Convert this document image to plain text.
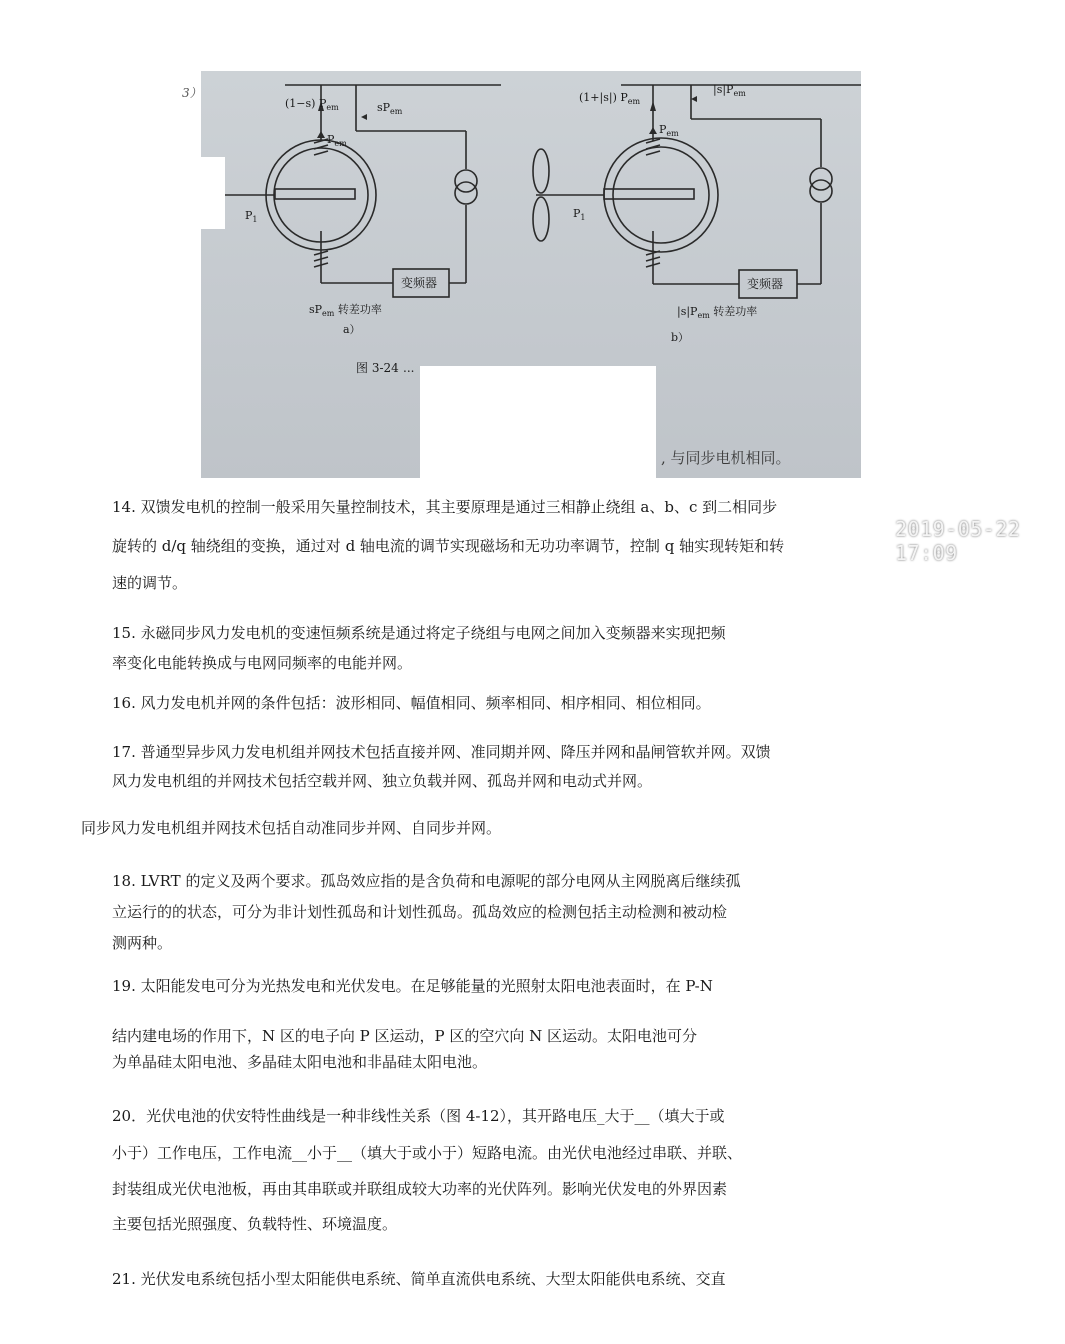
(1−s) $P_{em}$	$sP_{em}$
$P_{em}$
$P_1$
变频器
$sP_{em}$ 转差功率
a）
(1+|s|) $P_{em}$
$|s|P_{em}$
$P_{em}$
$P_1$
变频器
$|s|P_{em}$ 转差功率
b）
图 3-24 ...
, 与同步电机相同。
2019-05-22 17:09
3）

14. 双馈发电机的控制一般采用矢量控制技术，其主要原理是通过三相静止绕组 a、b、c 到二相同步

旋转的 d/q 轴绕组的变换，通过对 d 轴电流的调节实现磁场和无功功率调节，控制 q 轴实现转矩和转

速的调节。

15. 永磁同步风力发电机的变速恒频系统是通过将定子绕组与电网之间加入变频器来实现把频

率变化电能转换成与电网同频率的电能并网。

16. 风力发电机并网的条件包括：波形相同、幅值相同、频率相同、相序相同、相位相同。

17. 普通型异步风力发电机组并网技术包括直接并网、准同期并网、降压并网和晶闸管软并网。双馈

风力发电机组的并网技术包括空载并网、独立负载并网、孤岛并网和电动式并网。

同步风力发电机组并网技术包括自动准同步并网、自同步并网。

18. LVRT 的定义及两个要求。孤岛效应指的是含负荷和电源呢的部分电网从主网脱离后继续孤

立运行的的状态，可分为非计划性孤岛和计划性孤岛。孤岛效应的检测包括主动检测和被动检

测两种。

19. 太阳能发电可分为光热发电和光伏发电。在足够能量的光照射太阳电池表面时，在 P-N

结内建电场的作用下，N 区的电子向 P 区运动，P 区的空穴向 N 区运动。太阳电池可分

为单晶硅太阳电池、多晶硅太阳电池和非晶硅太阳电池。

20．光伏电池的伏安特性曲线是一种非线性关系（图 4-12），其开路电压_大于__（填大于或

小于）工作电压，工作电流__小于__（填大于或小于）短路电流。由光伏电池经过串联、并联、

封装组成光伏电池板，再由其串联或并联组成较大功率的光伏阵列。影响光伏发电的外界因素

主要包括光照强度、负载特性、环境温度。

21. 光伏发电系统包括小型太阳能供电系统、简单直流供电系统、大型太阳能供电系统、交直
